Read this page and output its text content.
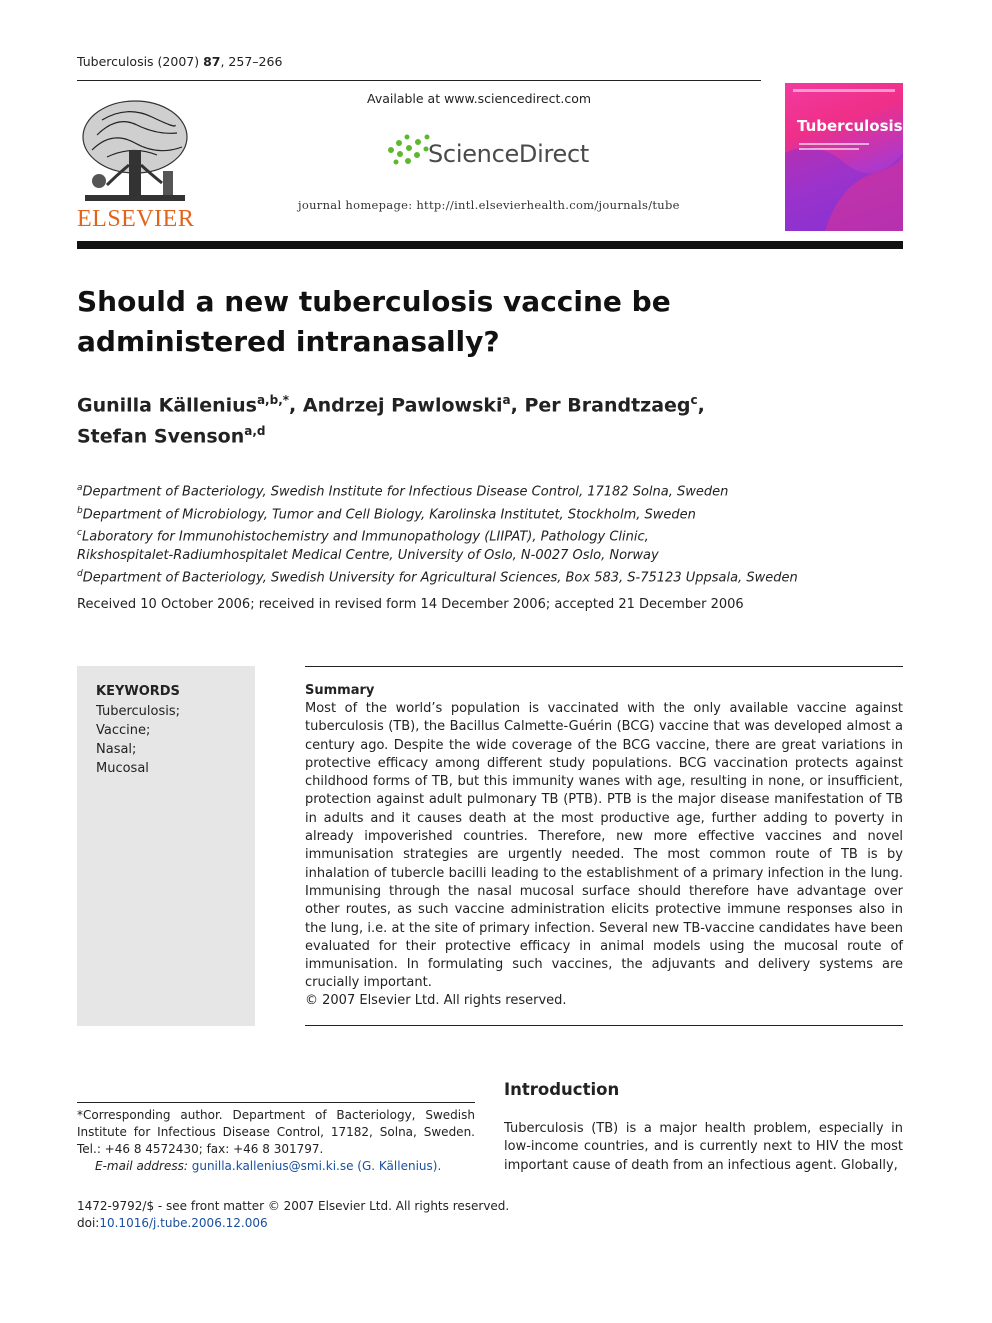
Tuberculosis (2007) 87, 257–266
ELSEVIER
Available at www.sciencedirect.com
ScienceDirect
journal homepage: http://intl.elsevierhealth.com/journals/tube
Tuberculosis
Should a new tuberculosis vaccine be administered intranasally?
Gunilla Källenius$^{a,b,*}$, Andrzej Pawlowski$^a$, Per Brandtzaeg$^c$,
Stefan Svenson$^{a,d}$
$^a$Department of Bacteriology, Swedish Institute for Infectious Disease Control, 17182 Solna, Sweden
$^b$Department of Microbiology, Tumor and Cell Biology, Karolinska Institutet, Stockholm, Sweden
$^c$Laboratory for Immunohistochemistry and Immunopathology (LIIPAT), Pathology Clinic,
Rikshospitalet-Radiumhospitalet Medical Centre, University of Oslo, N-0027 Oslo, Norway
$^d$Department of Bacteriology, Swedish University for Agricultural Sciences, Box 583, S-75123 Uppsala, Sweden
Received 10 October 2006; received in revised form 14 December 2006; accepted 21 December 2006
KEYWORDS
Tuberculosis;
Vaccine;
Nasal;
Mucosal
Summary
Most of the world’s population is vaccinated with the only available vaccine against tuberculosis (TB), the Bacillus Calmette-Guérin (BCG) vaccine that was developed almost a century ago. Despite the wide coverage of the BCG vaccine, there are great variations in protective efficacy among different study populations. BCG vaccination protects against childhood forms of TB, but this immunity wanes with age, resulting in none, or insufficient, protection against adult pulmonary TB (PTB). PTB is the major disease manifestation of TB in adults and it causes death at the most productive age, further adding to poverty in already impoverished countries. Therefore, new more effective vaccines and novel immunisation strategies are urgently needed. The most common route of TB is by inhalation of tubercle bacilli leading to the establishment of a primary infection in the lung. Immunising through the nasal mucosal surface should therefore have advantage over other routes, as such vaccine administration elicits protective immune responses also in the lung, i.e. at the site of primary infection. Several new TB-vaccine candidates have been evaluated for their protective efficacy in animal models using the mucosal route of immunisation. In formulating such vaccines, the adjuvants and delivery systems are crucially important.
© 2007 Elsevier Ltd. All rights reserved.
*Corresponding author. Department of Bacteriology, Swedish Institute for Infectious Disease Control, 17182, Solna, Sweden. Tel.: +46 8 4572430; fax: +46 8 301797.
E-mail address: gunilla.kallenius@smi.ki.se (G. Källenius).
Introduction
Tuberculosis (TB) is a major health problem, especially in low-income countries, and is currently next to HIV the most important cause of death from an infectious agent. Globally,
1472-9792/$ - see front matter © 2007 Elsevier Ltd. All rights reserved.
doi:10.1016/j.tube.2006.12.006
